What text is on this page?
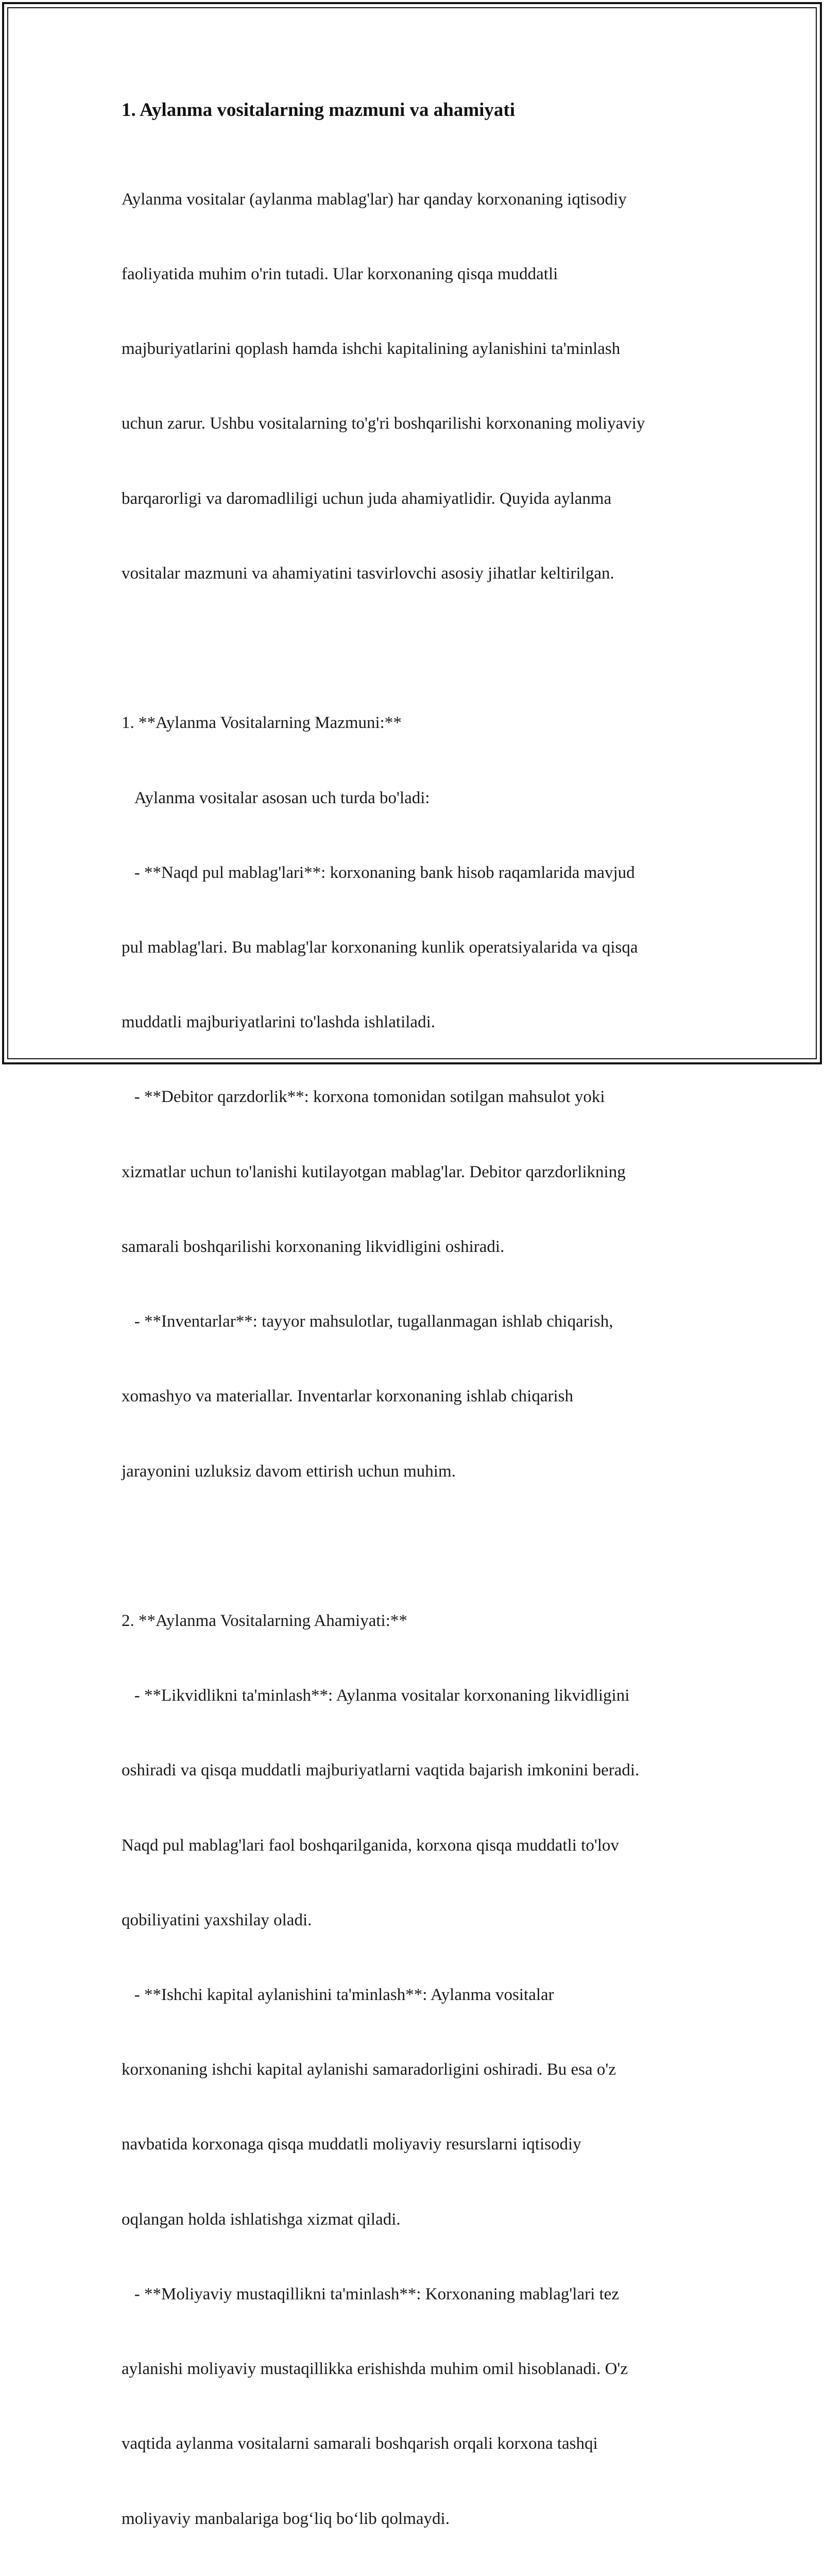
1. Aylanma vositalarning mazmuni va ahamiyati

Aylanma vositalar (aylanma mablag'lar) har qanday korxonaning iqtisodiy

faoliyatida muhim o'rin tutadi. Ular korxonaning qisqa muddatli

majburiyatlarini qoplash hamda ishchi kapitalining aylanishini ta'minlash

uchun zarur. Ushbu vositalarning to'g'ri boshqarilishi korxonaning moliyaviy

barqarorligi va daromadliligi uchun juda ahamiyatlidir. Quyida aylanma

vositalar mazmuni va ahamiyatini tasvirlovchi asosiy jihatlar keltirilgan.

1. **Aylanma Vositalarning Mazmuni:**

Aylanma vositalar asosan uch turda bo'ladi:

- **Naqd pul mablag'lari**: korxonaning bank hisob raqamlarida mavjud

pul mablag'lari. Bu mablag'lar korxonaning kunlik operatsiyalarida va qisqa

muddatli majburiyatlarini to'lashda ishlatiladi.

- **Debitor qarzdorlik**: korxona tomonidan sotilgan mahsulot yoki

xizmatlar uchun to'lanishi kutilayotgan mablag'lar. Debitor qarzdorlikning

samarali boshqarilishi korxonaning likvidligini oshiradi.

- **Inventarlar**: tayyor mahsulotlar, tugallanmagan ishlab chiqarish,

xomashyo va materiallar. Inventarlar korxonaning ishlab chiqarish

jarayonini uzluksiz davom ettirish uchun muhim.

2. **Aylanma Vositalarning Ahamiyati:**

- **Likvidlikni ta'minlash**: Aylanma vositalar korxonaning likvidligini

oshiradi va qisqa muddatli majburiyatlarni vaqtida bajarish imkonini beradi.

Naqd pul mablag'lari faol boshqarilganida, korxona qisqa muddatli to'lov

qobiliyatini yaxshilay oladi.

- **Ishchi kapital aylanishini ta'minlash**: Aylanma vositalar

korxonaning ishchi kapital aylanishi samaradorligini oshiradi. Bu esa o'z

navbatida korxonaga qisqa muddatli moliyaviy resurslarni iqtisodiy

oqlangan holda ishlatishga xizmat qiladi.

- **Moliyaviy mustaqillikni ta'minlash**: Korxonaning mablag'lari tez

aylanishi moliyaviy mustaqillikka erishishda muhim omil hisoblanadi. O'z

vaqtida aylanma vositalarni samarali boshqarish orqali korxona tashqi

moliyaviy manbalariga bog‘liq bo‘lib qolmaydi.
